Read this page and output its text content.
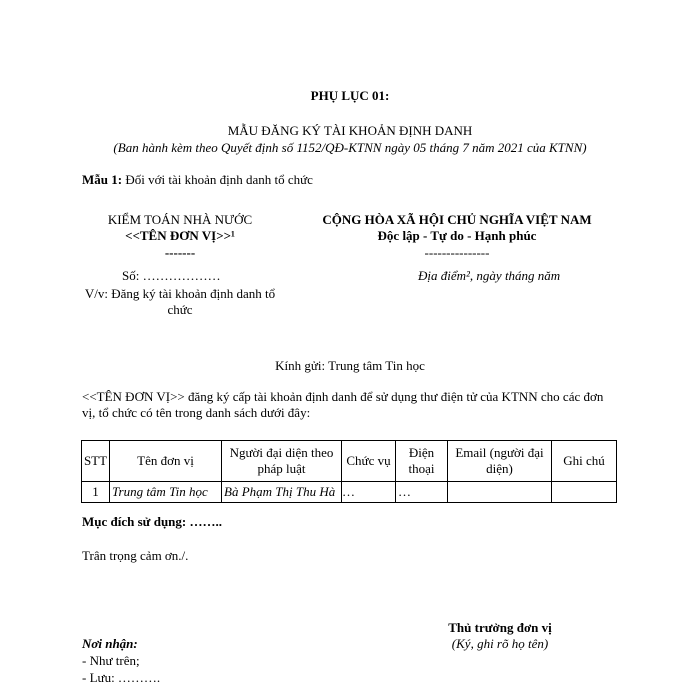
PHỤ LỤC 01:
MẪU ĐĂNG KÝ TÀI KHOẢN ĐỊNH DANH
(Ban hành kèm theo Quyết định số 1152/QĐ-KTNN ngày 05 tháng 7 năm 2021 của KTNN)
Mẫu 1: Đối với tài khoản định danh tổ chức
KIỂM TOÁN NHÀ NƯỚC
<<TÊN ĐƠN VỊ>>¹
-------
CỘNG HÒA XÃ HỘI CHỦ NGHĨA VIỆT NAM
Độc lập - Tự do - Hạnh phúc
---------------
Số: ………………
V/v: Đăng ký tài khoản định danh tổ chức
Địa điểm², ngày tháng năm
Kính gửi: Trung tâm Tin học
<<TÊN ĐƠN VỊ>> đăng ký cấp tài khoản định danh để sử dụng thư điện tử của KTNN cho các đơn vị, tổ chức có tên trong danh sách dưới đây:
STT	Tên đơn vị	Người đại diện theo pháp luật	Chức vụ	Điện thoại	Email (người đại diện)	Ghi chú
1	Trung tâm Tin học	Bà Phạm Thị Thu Hà	…	…		
Mục đích sử dụng: ……..
Trân trọng cảm ơn./.
Thủ trưởng đơn vị
(Ký, ghi rõ họ tên)
Nơi nhận:
- Như trên;
- Lưu: ……….
